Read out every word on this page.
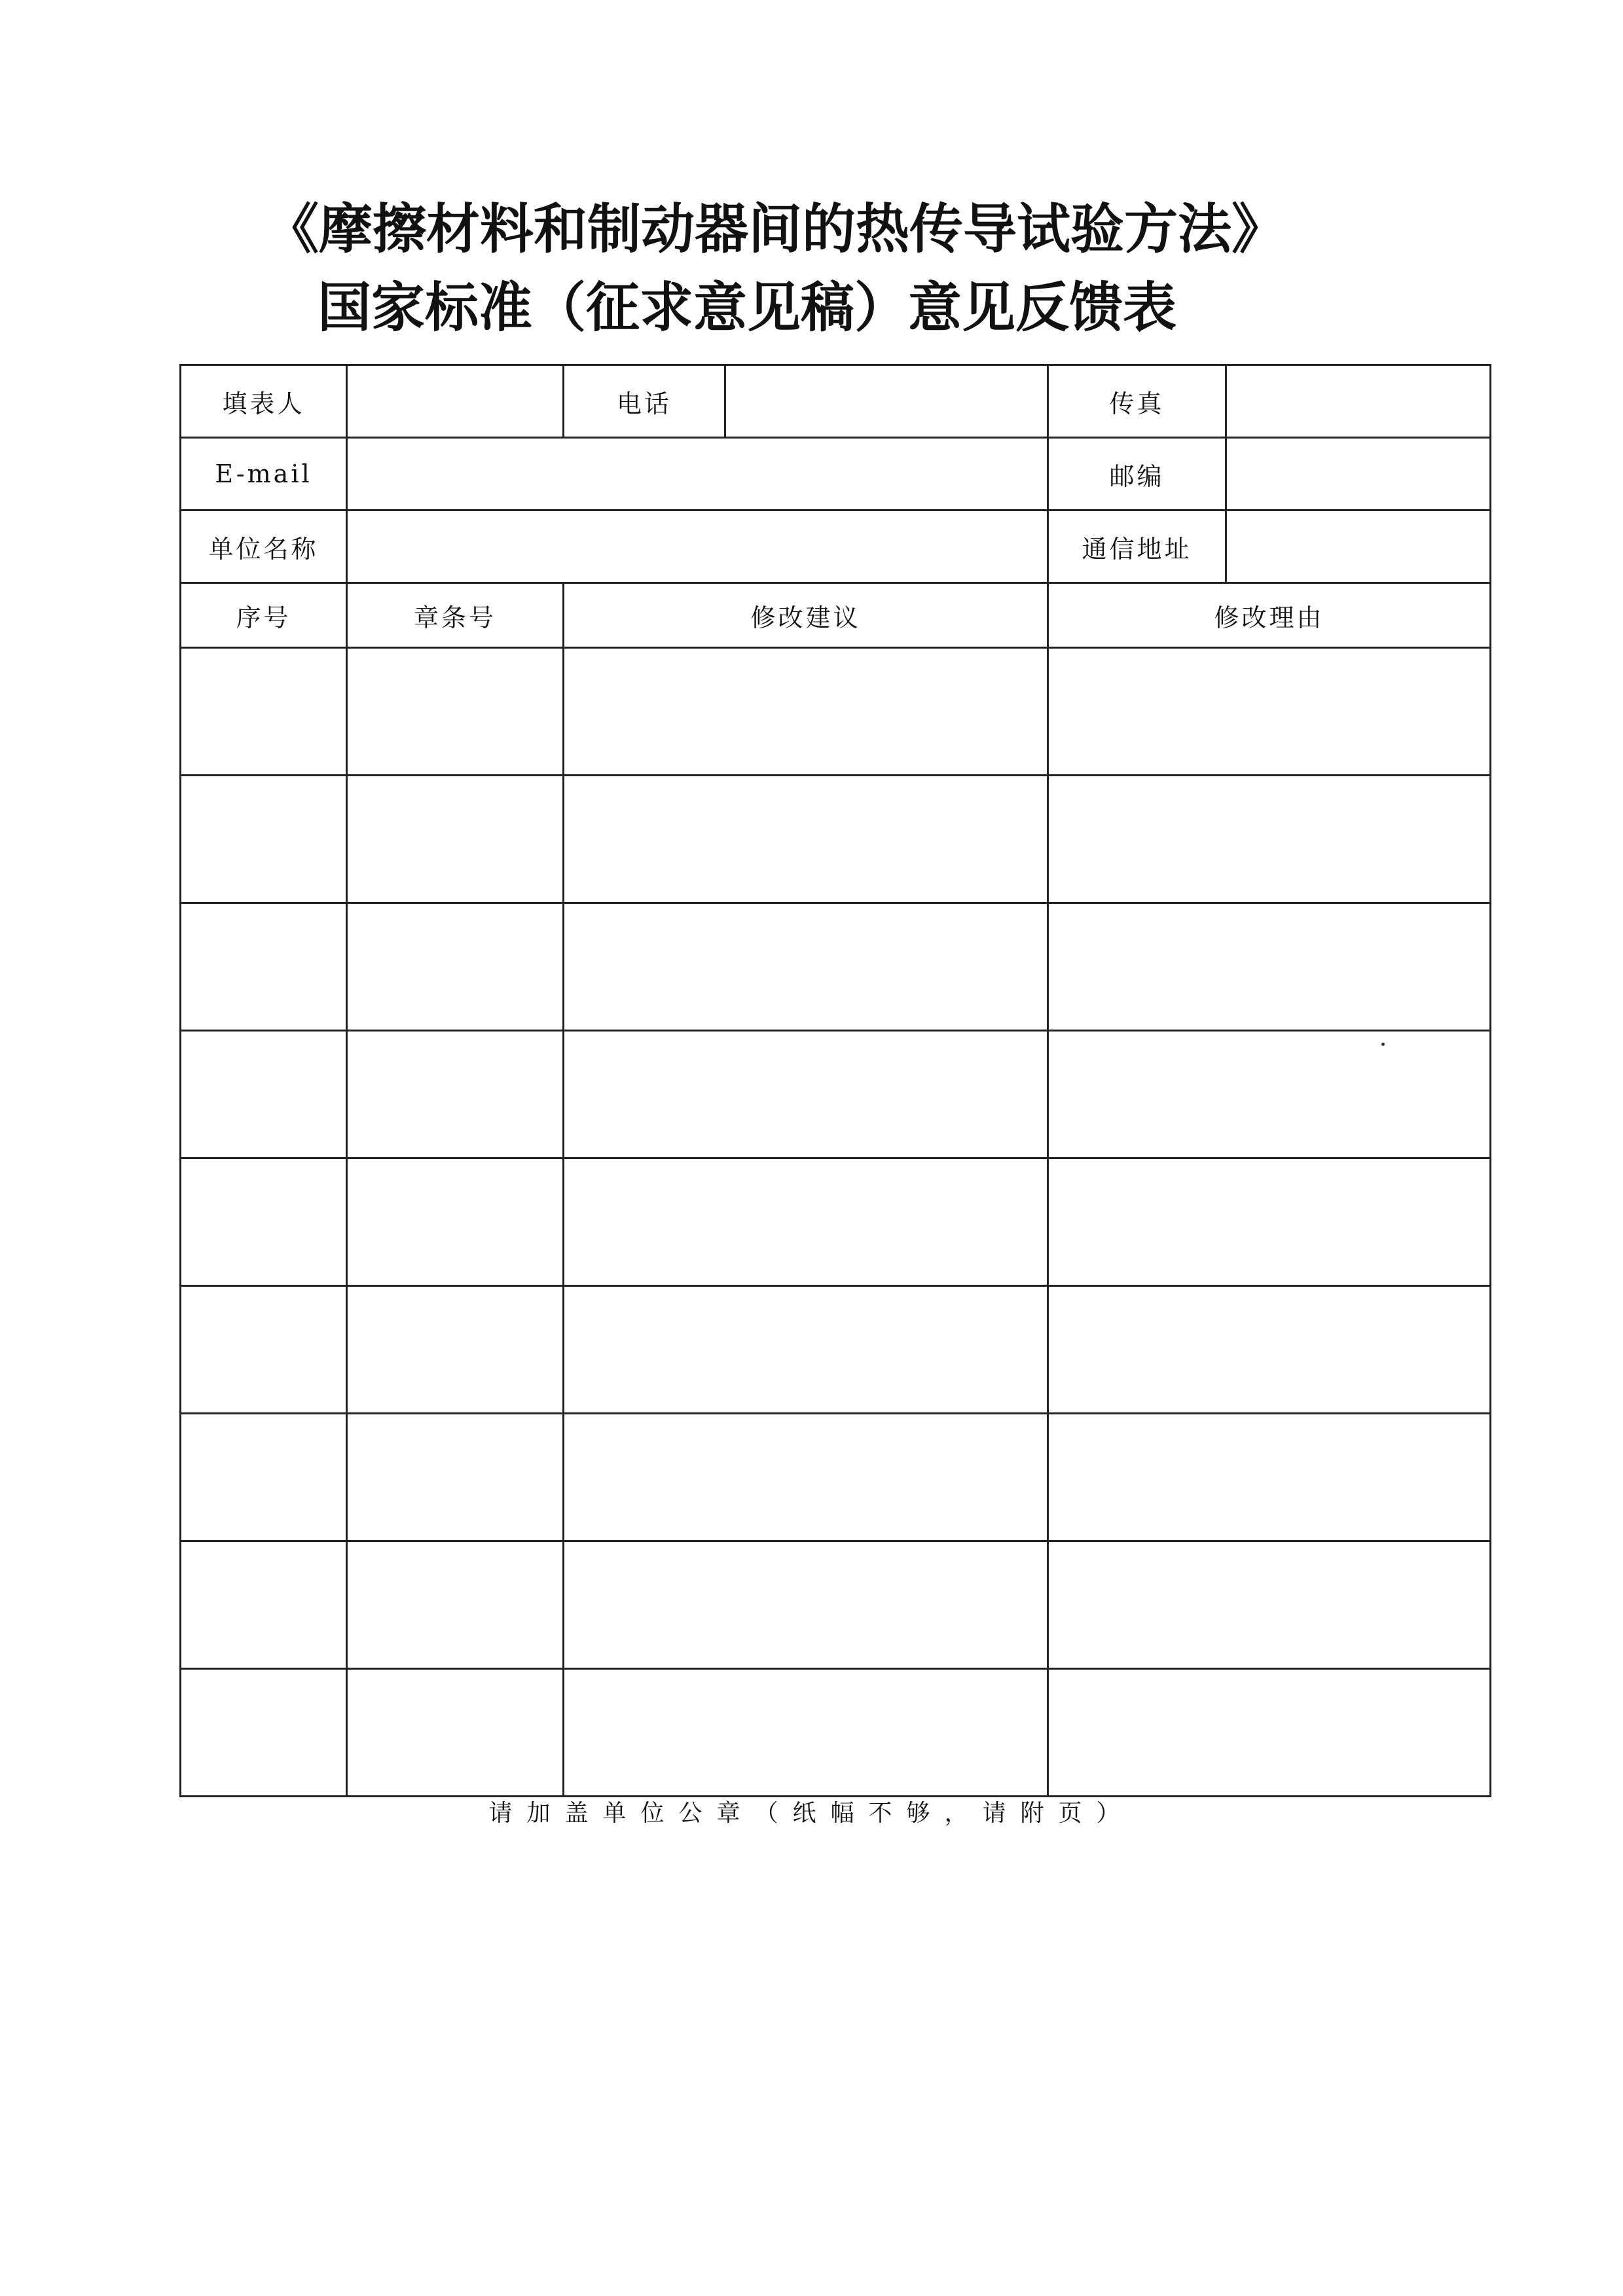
《摩擦材料和制动器间的热传导试验方法》
国家标准（征求意见稿）意见反馈表
填表人		电话		传真	
E-mail				邮编	
单位名称				通信地址	
序号	章条号	修改建议		修改理由	

请加盖单位公章（纸幅不够，请附页）
